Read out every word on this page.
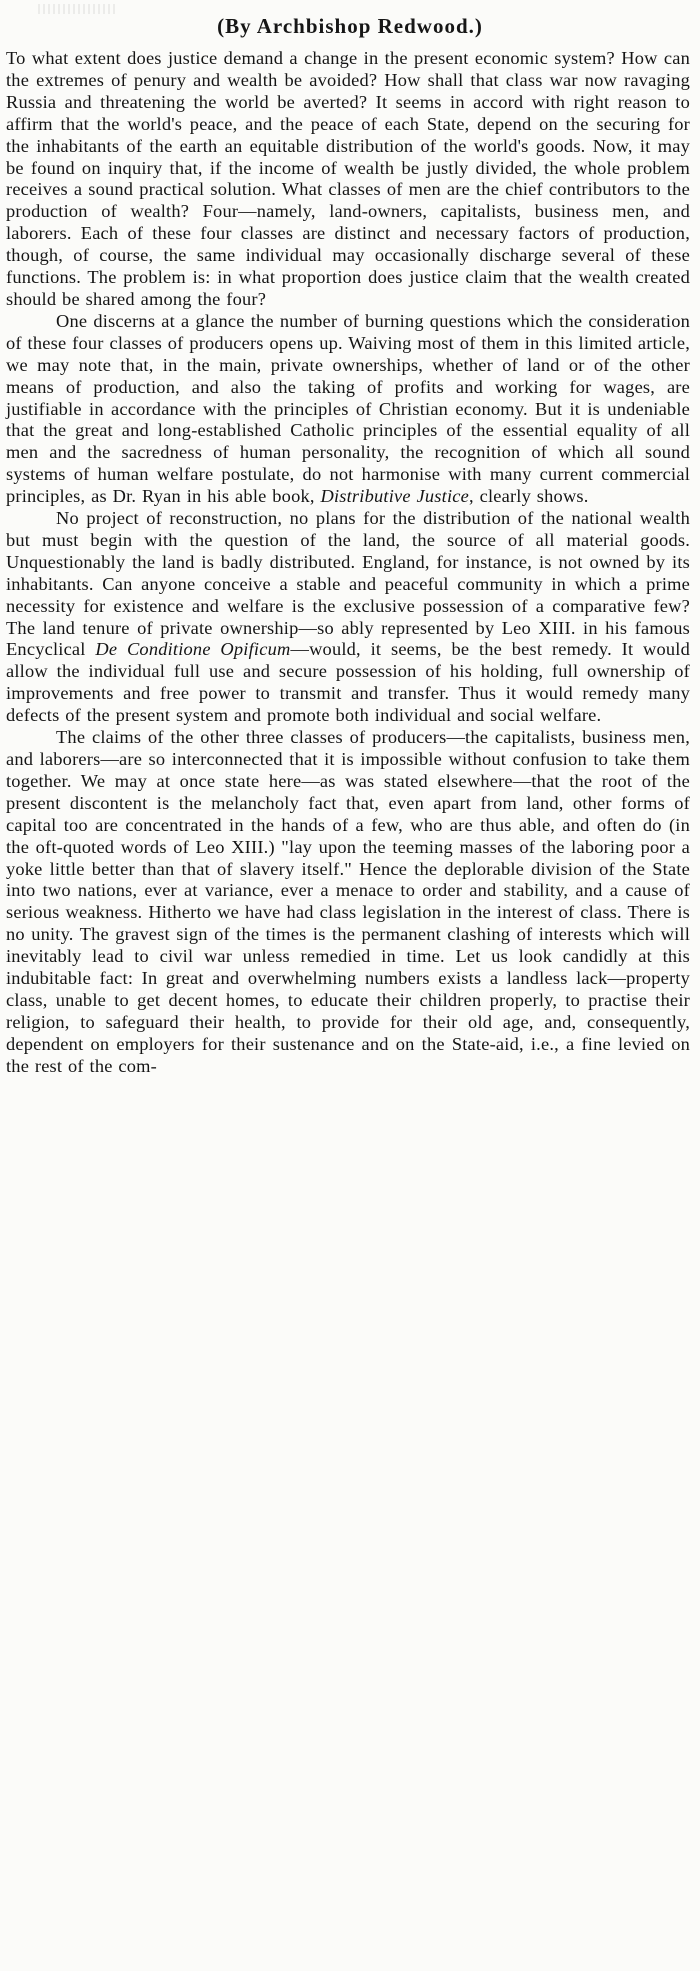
(By Archbishop Redwood.)

To what extent does justice demand a change in the present economic system? How can the extremes of penury and wealth be avoided? How shall that class war now ravaging Russia and threatening the world be averted? It seems in accord with right reason to affirm that the world's peace, and the peace of each State, depend on the securing for the inhabitants of the earth an equitable distribution of the world's goods. Now, it may be found on inquiry that, if the income of wealth be justly divided, the whole problem receives a sound practical solution. What classes of men are the chief contributors to the production of wealth? Four—namely, land-owners, capitalists, business men, and laborers. Each of these four classes are distinct and necessary factors of production, though, of course, the same individual may occasionally discharge several of these functions. The problem is: in what proportion does justice claim that the wealth created should be shared among the four?

One discerns at a glance the number of burning questions which the consideration of these four classes of producers opens up. Waiving most of them in this limited article, we may note that, in the main, private ownerships, whether of land or of the other means of production, and also the taking of profits and working for wages, are justifiable in accordance with the principles of Christian economy. But it is undeniable that the great and long-established Catholic principles of the essential equality of all men and the sacredness of human personality, the recognition of which all sound systems of human welfare postulate, do not harmonise with many current commercial principles, as Dr. Ryan in his able book, Distributive Justice, clearly shows.

No project of reconstruction, no plans for the distribution of the national wealth but must begin with the question of the land, the source of all material goods. Unquestionably the land is badly distributed. England, for instance, is not owned by its inhabitants. Can anyone conceive a stable and peaceful community in which a prime necessity for existence and welfare is the exclusive possession of a comparative few? The land tenure of private ownership—so ably represented by Leo XIII. in his famous Encyclical De Conditione Opificum—would, it seems, be the best remedy. It would allow the individual full use and secure possession of his holding, full ownership of improvements and free power to transmit and transfer. Thus it would remedy many defects of the present system and promote both individual and social welfare.

The claims of the other three classes of producers—the capitalists, business men, and laborers—are so interconnected that it is impossible without confusion to take them together. We may at once state here—as was stated elsewhere—that the root of the present discontent is the melancholy fact that, even apart from land, other forms of capital too are concentrated in the hands of a few, who are thus able, and often do (in the oft-quoted words of Leo XIII.) "lay upon the teeming masses of the laboring poor a yoke little better than that of slavery itself." Hence the deplorable division of the State into two nations, ever at variance, ever a menace to order and stability, and a cause of serious weakness. Hitherto we have had class legislation in the interest of class. There is no unity. The gravest sign of the times is the permanent clashing of interests which will inevitably lead to civil war unless remedied in time. Let us look candidly at this indubitable fact: In great and overwhelming numbers exists a landless lack—property class, unable to get decent homes, to educate their children properly, to practise their religion, to safeguard their health, to provide for their old age, and, consequently, dependent on employers for their sustenance and on the State-aid, i.e., a fine levied on the rest of the com-
